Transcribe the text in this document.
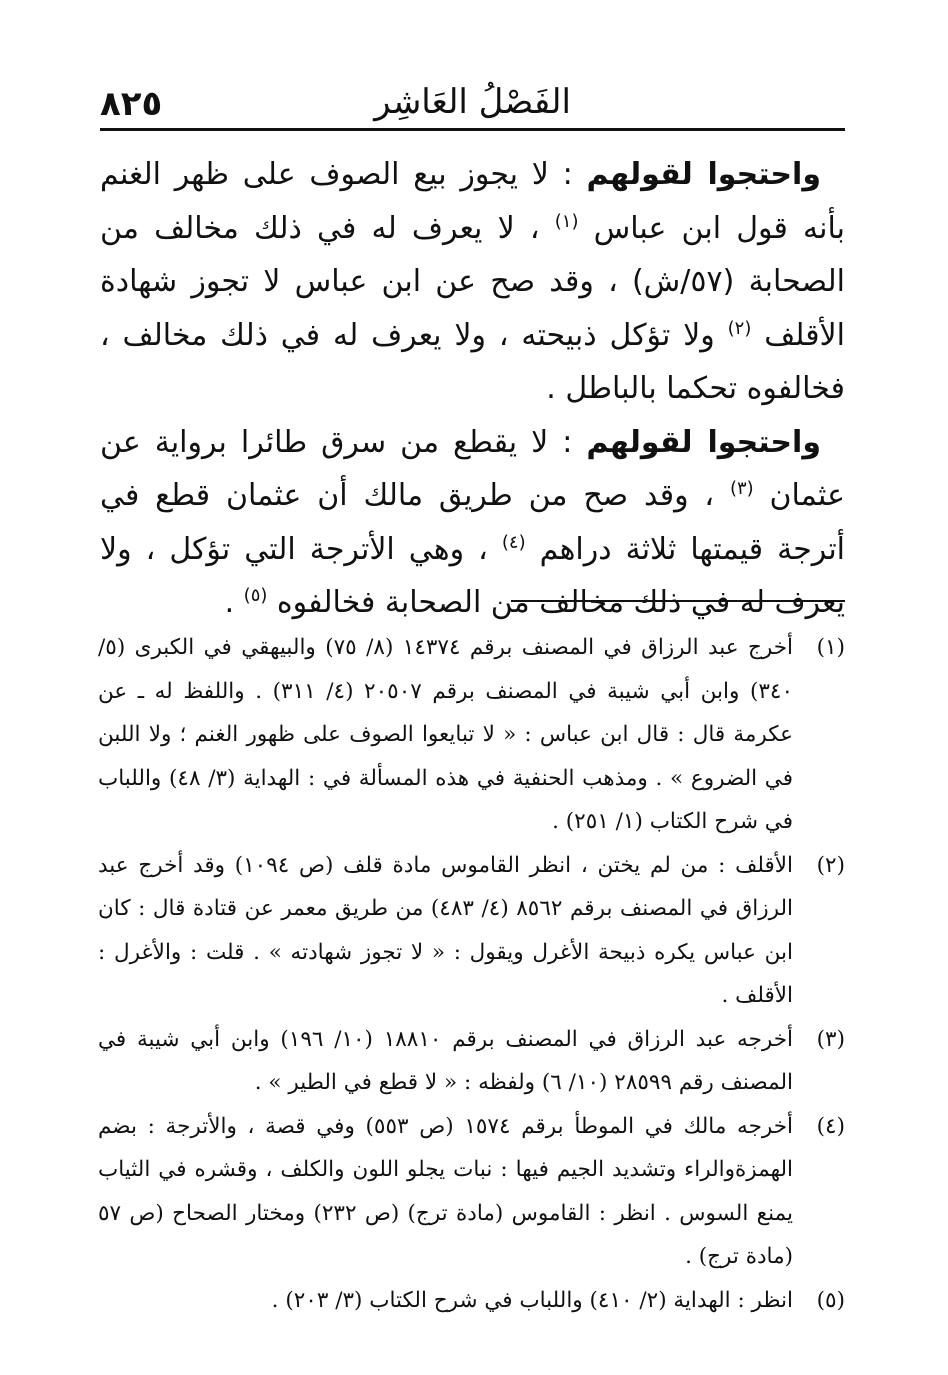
٨٢٥	الفَصْلُ العَاشِر

واحتجوا لقولهم : لا يجوز بيع الصوف على ظهر الغنم بأنه قول ابن عباس $^{(١)}$ ، لا يعرف له في ذلك مخالف من الصحابة (٥٧/ش) ، وقد صح عن ابن عباس لا تجوز شهادة الأقلف $^{(٢)}$ ولا تؤكل ذبيحته ، ولا يعرف له في ذلك مخالف ، فخالفوه تحكما بالباطل .

واحتجوا لقولهم : لا يقطع من سرق طائرا برواية عن عثمان $^{(٣)}$ ، وقد صح من طريق مالك أن عثمان قطع في أترجة قيمتها ثلاثة دراهم $^{(٤)}$ ، وهي الأترجة التي تؤكل ، ولا يعرف له في ذلك مخالف من الصحابة فخالفوه $^{(٥)}$ .

(١)
أخرج عبد الرزاق في المصنف برقم ١٤٣٧٤ (٨/ ٧٥) والبيهقي في الكبرى (٥/ ٣٤٠) وابن أبي شيبة في المصنف برقم ٢٠٥٠٧ (٤/ ٣١١) . واللفظ له ـ عن عكرمة قال : قال ابن عباس : « لا تبايعوا الصوف على ظهور الغنم ؛ ولا اللبن في الضروع » . ومذهب الحنفية في هذه المسألة في : الهداية (٣/ ٤٨) واللباب في شرح الكتاب (١/ ٢٥١) .
(٢)
الأقلف : من لم يختن ، انظر القاموس مادة قلف (ص ١٠٩٤) وقد أخرج عبد الرزاق في المصنف برقم ٨٥٦٢ (٤/ ٤٨٣) من طريق معمر عن قتادة قال : كان ابن عباس يكره ذبيحة الأغرل ويقول : « لا تجوز شهادته » . قلت : والأغرل : الأقلف .
(٣)
أخرجه عبد الرزاق في المصنف برقم ١٨٨١٠ (١٠/ ١٩٦) وابن أبي شيبة في المصنف رقم ٢٨٥٩٩ (١٠/ ٦) ولفظه : « لا قطع في الطير » .
(٤)
أخرجه مالك في الموطأ برقم ١٥٧٤ (ص ٥٥٣) وفي قصة ، والأترجة : بضم الهمزةوالراء وتشديد الجيم فيها : نبات يجلو اللون والكلف ، وقشره في الثياب يمنع السوس . انظر : القاموس (مادة ترج) (ص ٢٣٢) ومختار الصحاح (ص ٥٧ (مادة ترج) .
(٥)
انظر : الهداية (٢/ ٤١٠) واللباب في شرح الكتاب (٣/ ٢٠٣) .
